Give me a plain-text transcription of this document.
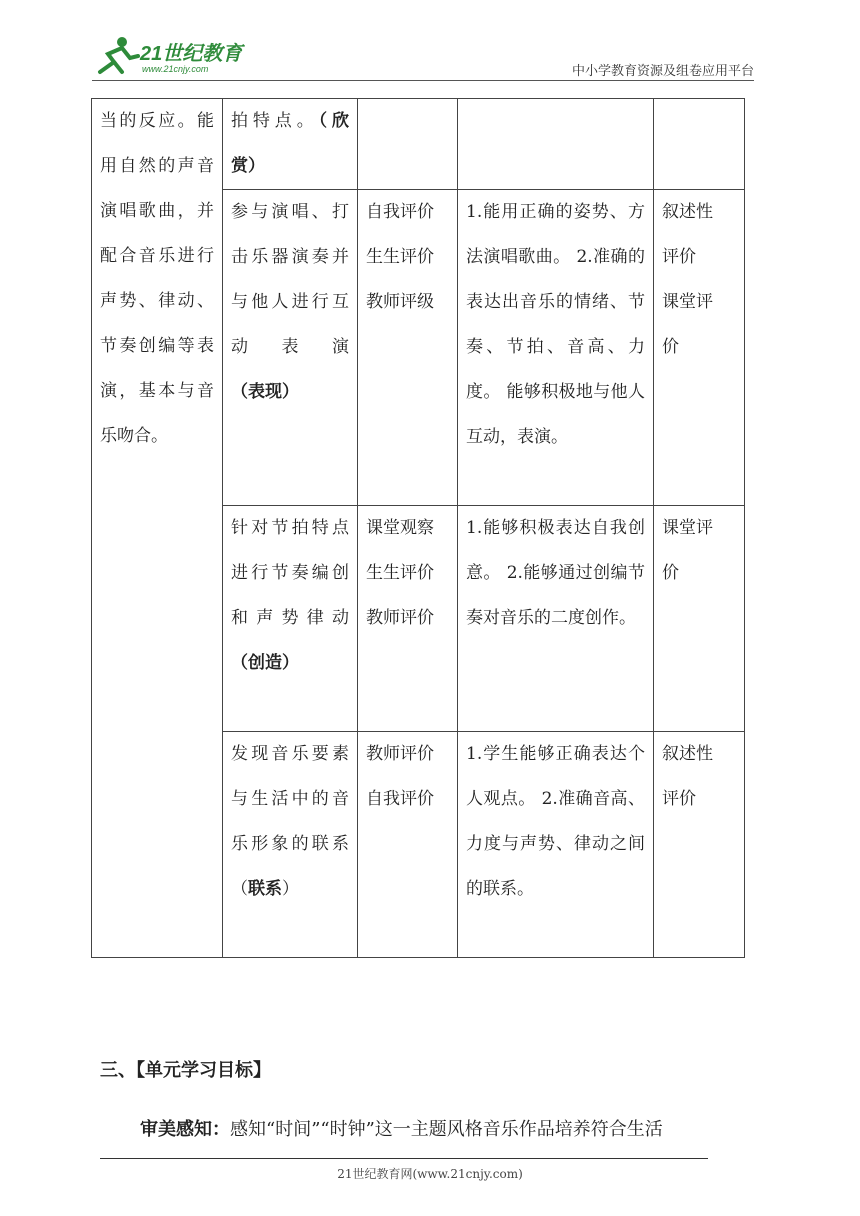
21世纪教育
www.21cnjy.com	中小学教育资源及组卷应用平台
当的反应。能用自然的声音演唱歌曲，并配合音乐进行声势、律动、节奏创编等表演，基本与音乐吻合。	拍特点。（欣赏）			
	参与演唱、打击乐器演奏并与他人进行互动表演（表现）	自我评价
生生评价
教师评级	1.能用正确的姿势、方法演唱歌曲。 2.准确的表达出音乐的情绪、节奏、节拍、音高、力度。 能够积极地与他人互动，表演。	叙述性
评价
课堂评
价

	针对节拍特点进行节奏编创和声势律动（创造）	课堂观察
生生评价
教师评价	1.能够积极表达自我创意。 2.能够通过创编节奏对音乐的二度创作。	课堂评
价

	发现音乐要素与生活中的音乐形象的联系（联系）	教师评价
自我评价	1.学生能够正确表达个人观点。 2.准确音高、力度与声势、律动之间的联系。	叙述性
评价
三、【单元学习目标】
审美感知：感知“时间”“时钟”这一主题风格音乐作品培养符合生活
21世纪教育网(www.21cnjy.com)
